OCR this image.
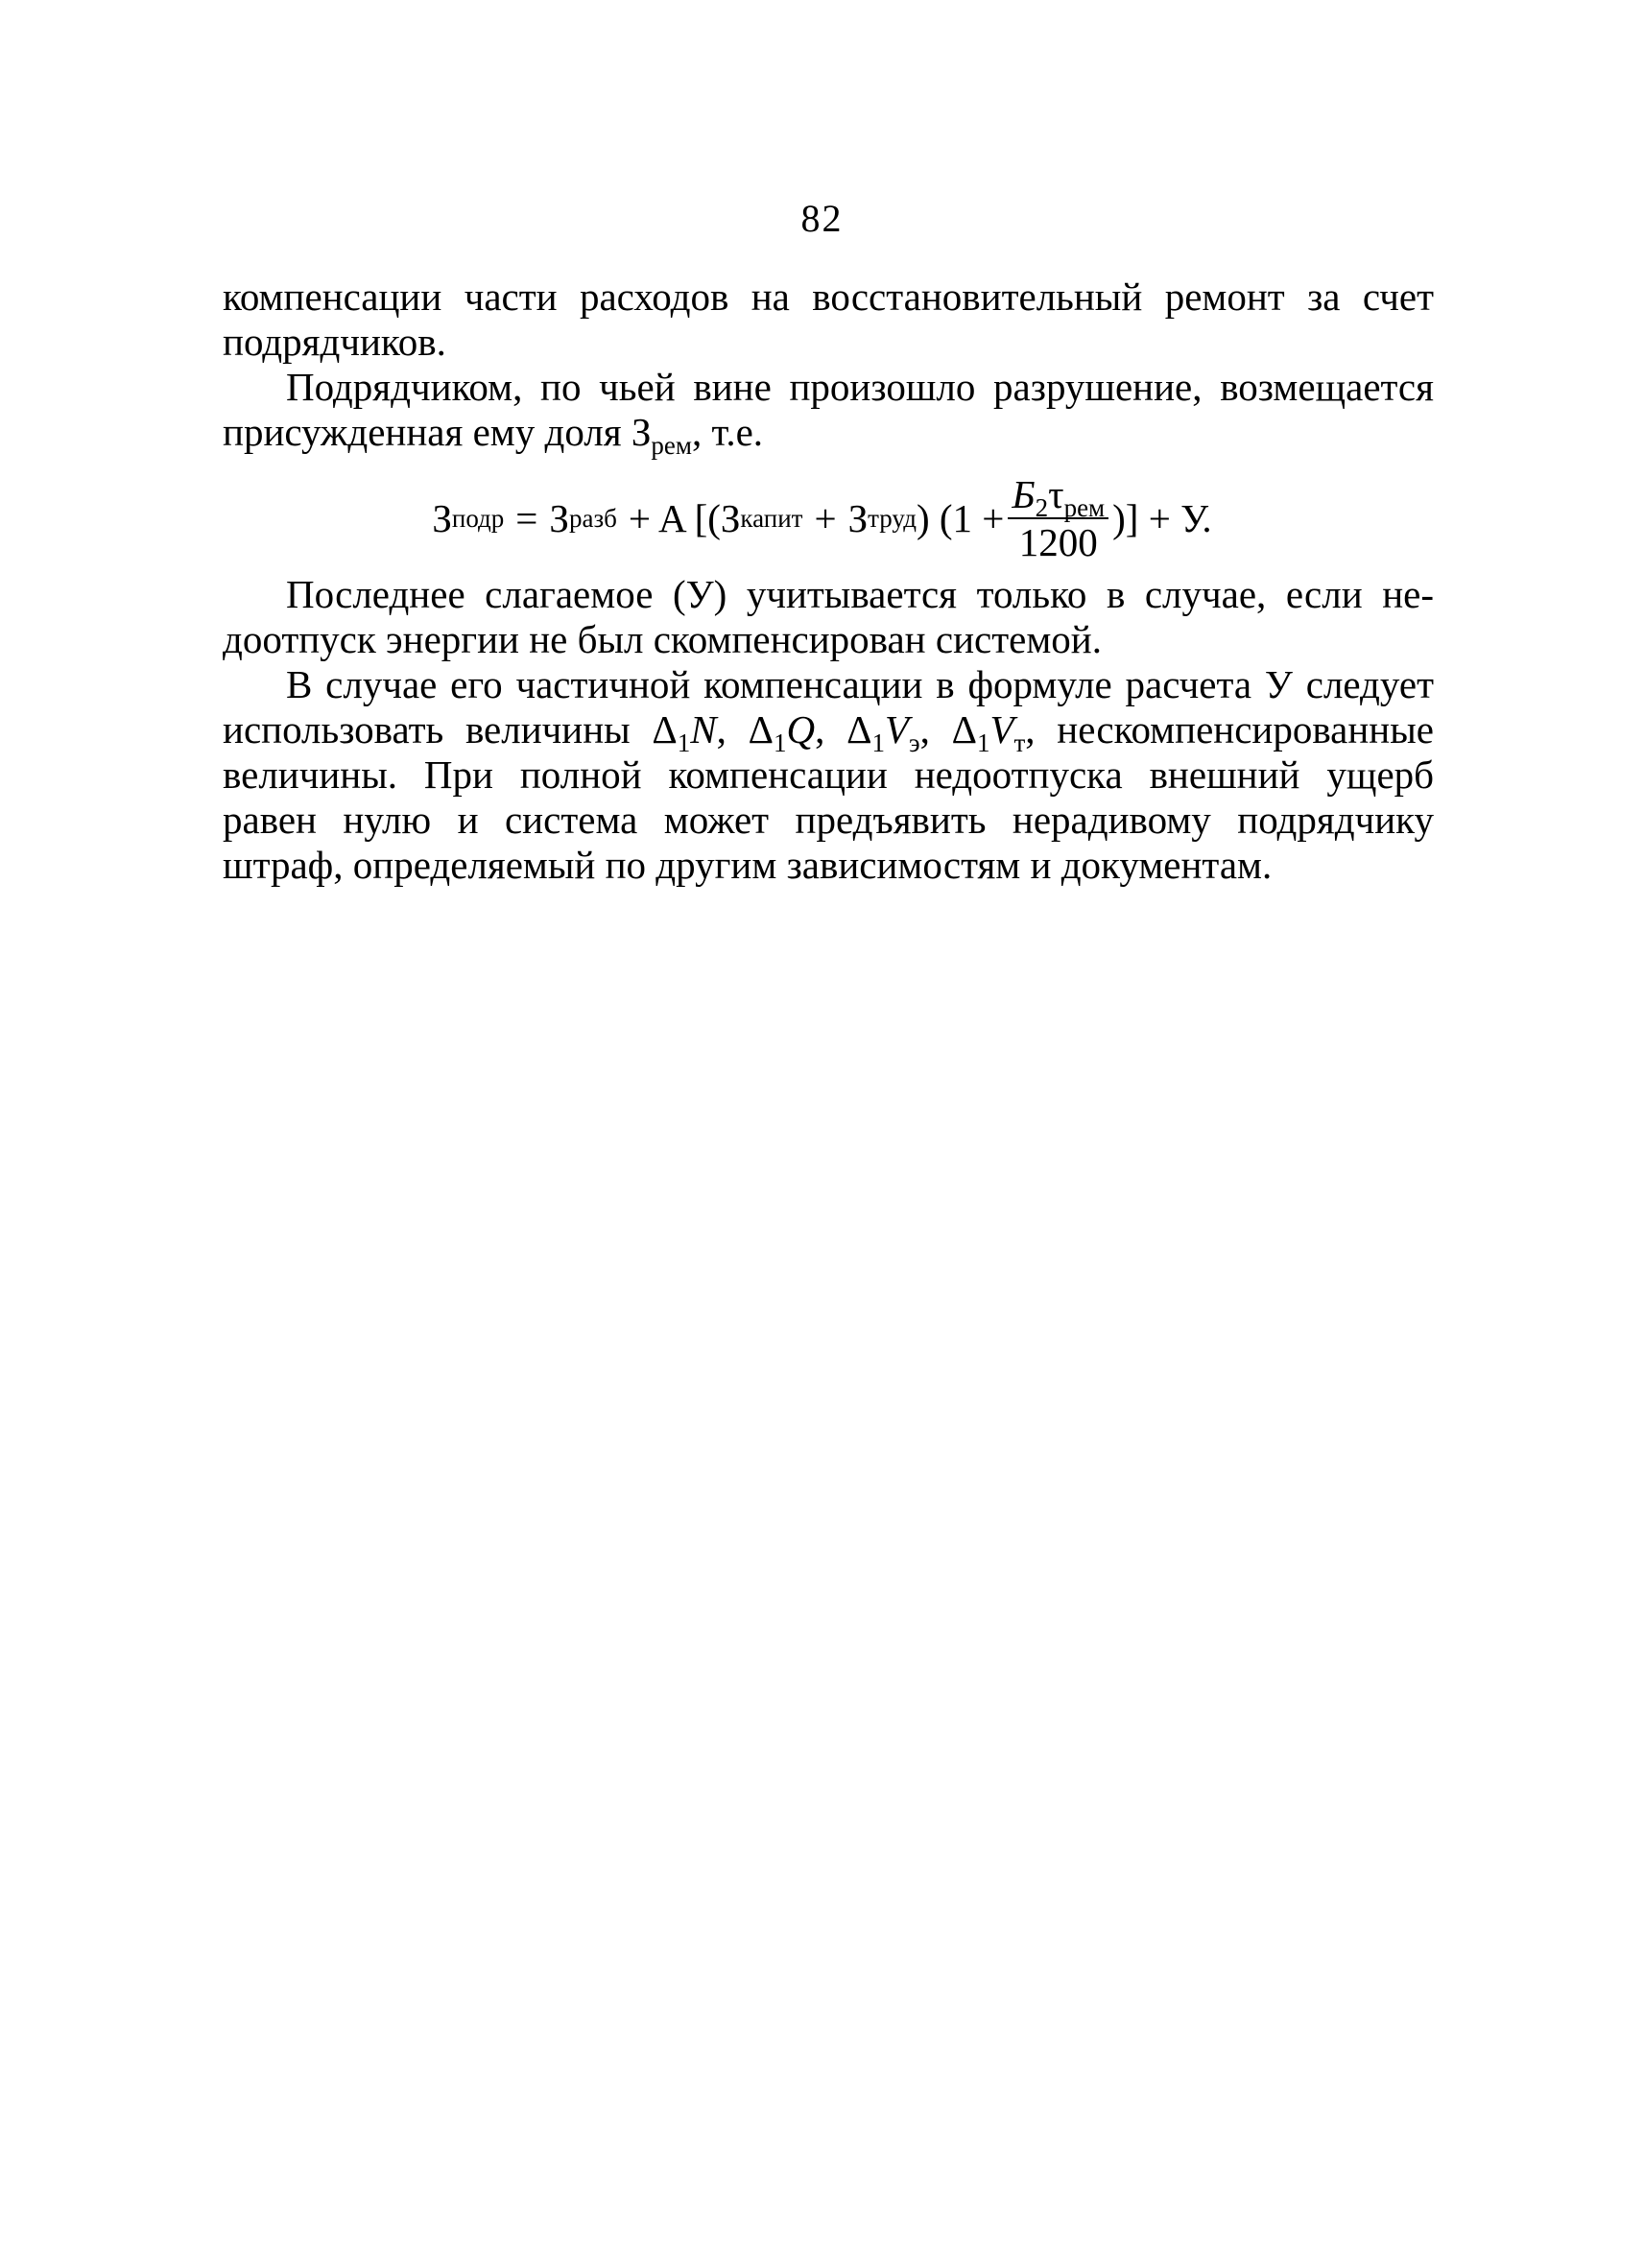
82

компенсации части расходов на восстановительный ремонт за счет подрядчиков.

Подрядчиком, по чьей вине произошло разрушение, возмещается присужденная ему доля $З_{рем}$, т.е.

З подр = З разб + A [( З капит + З труд ) ($1 + \frac{Б_2\tau_{рем}}{1200}$ )] + У.

Последнее слагаемое (У) учитывается только в случае, если недоотпуск энергии не был скомпенсирован системой.

В случае его частичной компенсации в формуле расчета У следует использовать величины $\Delta_1N$, $\Delta_1Q$, $\Delta_1V_э$, $\Delta_1V_т$, нескомпенсированные величины. При полной компенсации недоотпуска внешний ущерб равен нулю и система может предъявить нерадивому подрядчику штраф, определяемый по другим зависимостям и документам.
